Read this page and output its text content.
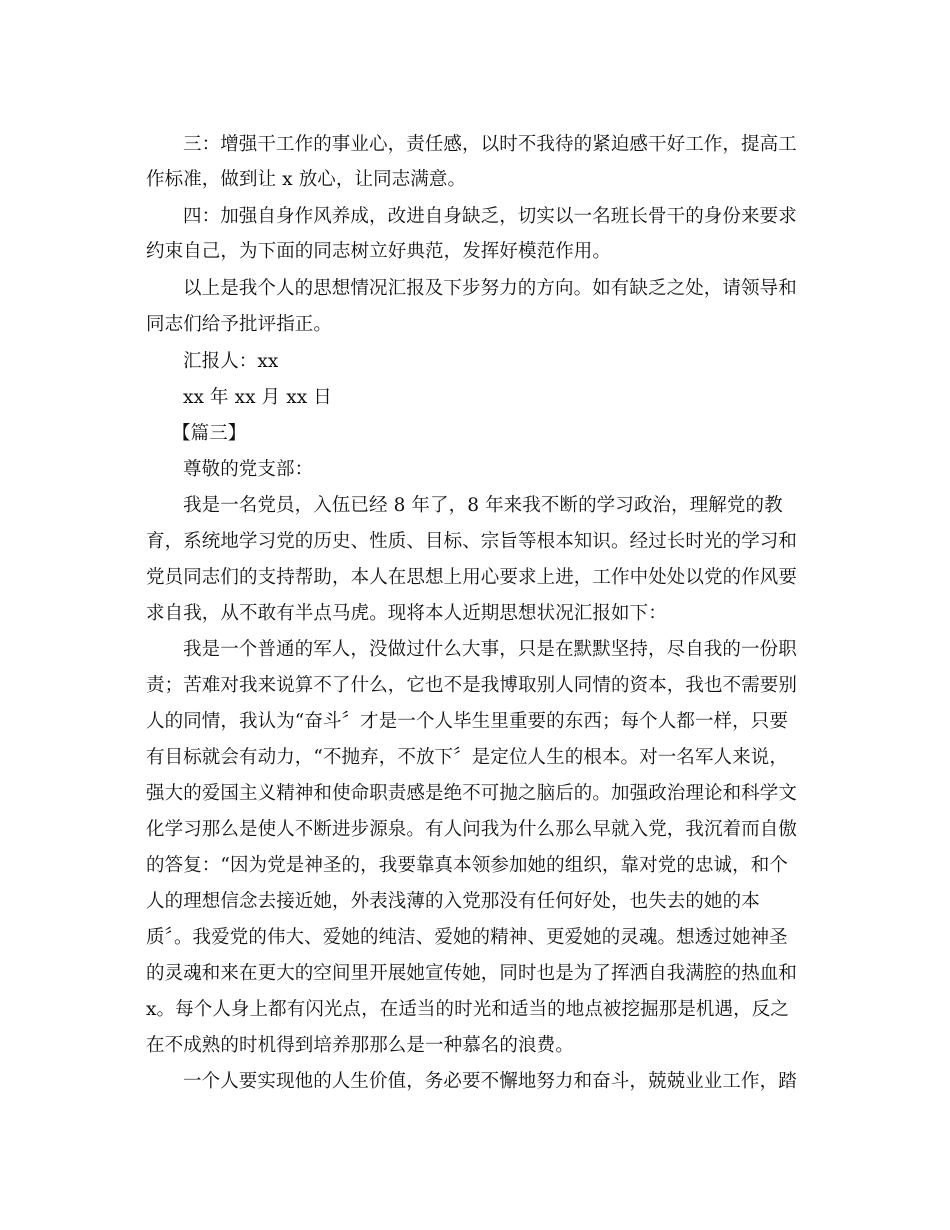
三：增强干工作的事业心，责任感，以时不我待的紧迫感干好工作，提高工
作标准，做到让 x 放心，让同志满意。
四：加强自身作风养成，改进自身缺乏，切实以一名班长骨干的身份来要求
约束自己，为下面的同志树立好典范，发挥好模范作用。
以上是我个人的思想情况汇报及下步努力的方向。如有缺乏之处，请领导和
同志们给予批评指正。
汇报人：xx
xx 年 xx 月 xx 日
【篇三】
尊敬的党支部：
我是一名党员，入伍已经 8 年了，8 年来我不断的学习政治，理解党的教
育，系统地学习党的历史、性质、目标、宗旨等根本知识。经过长时光的学习和
党员同志们的支持帮助，本人在思想上用心要求上进，工作中处处以党的作风要
求自我，从不敢有半点马虎。现将本人近期思想状况汇报如下：
我是一个普通的军人，没做过什么大事，只是在默默坚持，尽自我的一份职
责；苦难对我来说算不了什么，它也不是我博取别人同情的资本，我也不需要别
人的同情，我认为“奋斗〞才是一个人毕生里重要的东西；每个人都一样，只要
有目标就会有动力，“不抛弃，不放下〞是定位人生的根本。对一名军人来说，
强大的爱国主义精神和使命职责感是绝不可抛之脑后的。加强政治理论和科学文
化学习那么是使人不断进步源泉。有人问我为什么那么早就入党，我沉着而自傲
的答复：“因为党是神圣的，我要靠真本领参加她的组织，靠对党的忠诚，和个
人的理想信念去接近她，外表浅薄的入党那没有任何好处，也失去的她的本
质〞。我爱党的伟大、爱她的纯洁、爱她的精神、更爱她的灵魂。想透过她神圣
的灵魂和来在更大的空间里开展她宣传她，同时也是为了挥洒自我满腔的热血和
x。每个人身上都有闪光点，在适当的时光和适当的地点被挖掘那是机遇，反之
在不成熟的时机得到培养那那么是一种慕名的浪费。
一个人要实现他的人生价值，务必要不懈地努力和奋斗，兢兢业业工作，踏
